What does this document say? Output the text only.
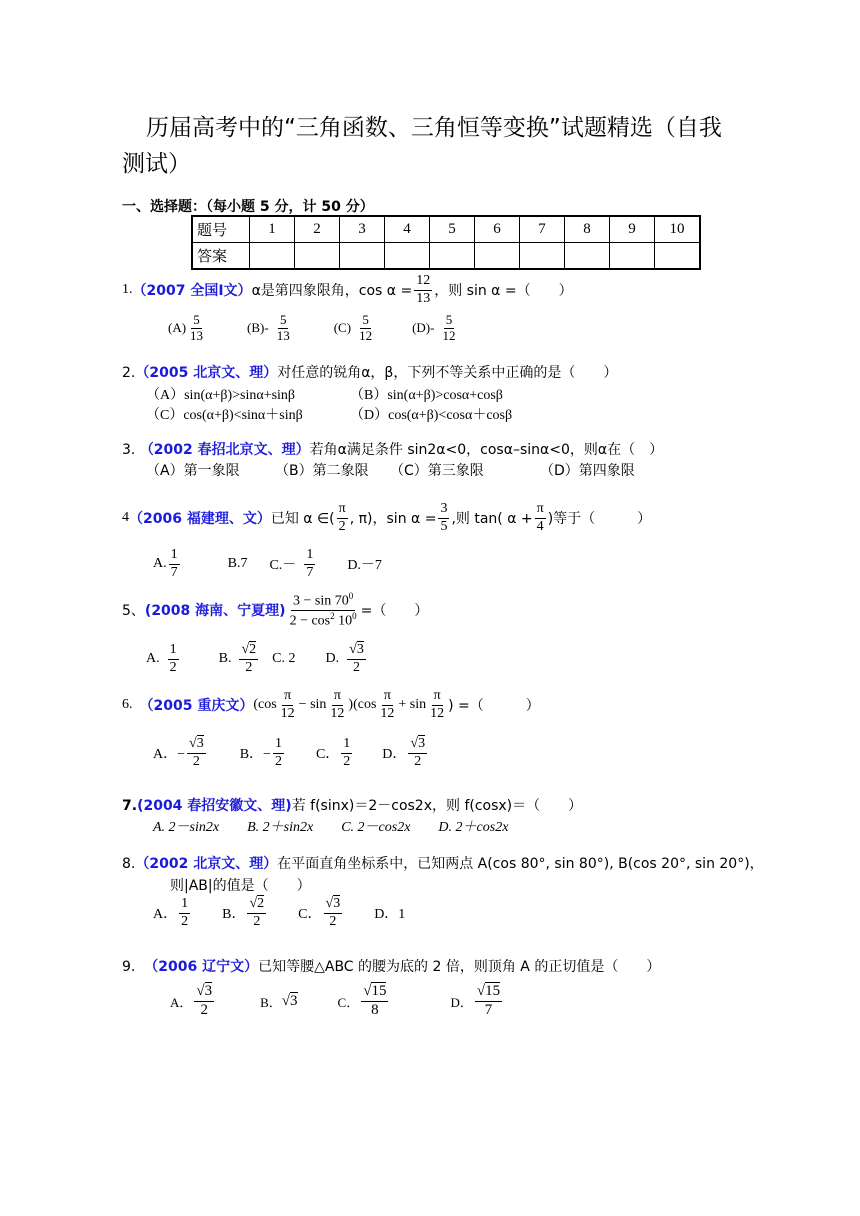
历届高考中的“三角函数、三角恒等变换”试题精选（自我
测试）
一、选择题：（每小题 5 分，计 50 分）
题号	1	2	3	4	5	6	7	8	9	10
答案										
1. （2007 全国Ⅰ文） α是第四象限角，$\cos \alpha = \frac{12}{13}$ ，则 sin α =（　　）
$(A) \frac{5}{13}$	$(B)- \frac{5}{13}$	$(C) \frac{5}{12}$	$(D)- \frac{5}{12}$
2.（2005 北京文、理）对任意的锐角α，β，下列不等关系中正确的是（　　）
（A）sin(α+β)>sinα+sinβ	（B）sin(α+β)>cosα+cosβ
（C）cos(α+β)<sinα＋sinβ	（D）cos(α+β)<cosα＋cosβ
3. （2002 春招北京文、理）若角α满足条件 sin2α<0，cosα–sinα<0，则α在（　）
（A）第一象限	（B）第二象限 （C）第三象限	（D）第四象限
4 （2006 福建理、文） 已知 α ∈( $\frac{\pi}{2}$ , π)，$\sin \alpha = \frac{3}{5}$ ,则 tan( $\alpha + \frac{\pi}{4}$ )等于（　　　）
A. $\frac{1}{7}$	B.7 $C.- \frac{1}{7} D.-7$
5、 (2008 海南、宁夏理) $\frac{3 - \sin 70^0}{2 - \cos^2 10^0}$ =（　　）
A. $\frac{1}{2}$	B. $\frac{√2}{2} C$. 2 D. $\frac{√3}{2}$
6.
（2005 重庆文） $(\cos \frac{\pi}{12} - \sin \frac{\pi}{12} )(\cos \frac{\pi}{12} + \sin \frac{\pi}{12}$ ) =（　　　）
A．− $\frac{√3}{2}$ B．− $\frac{1}{2}$ C． $\frac{1}{2}$ D． $\frac{√3}{2}$
7.(2004 春招安徽文、理)若 f(sinx)＝2－cos2x，则 f(cosx)＝（　　）
A. 2－sin2x　　B. 2＋sin2x　　C. 2－cos2x　　D. 2＋cos2x
8.（2002 北京文、理）在平面直角坐标系中，已知两点 A(cos 80°, sin 80°), B(cos 20°, sin 20°)，
则|AB|的值是（　　）
A． $\frac{1}{2}$ B． $\frac{√2}{2}$ C． $\frac{√3}{2}$ D．1
9. （2006 辽宁文）已知等腰△ABC 的腰为底的 2 倍，则顶角 A 的正切值是（　　）
A． $\frac{√3}{2}$	B． √3	C． $\frac{√15}{8}$	D． $\frac{√15}{7}$
